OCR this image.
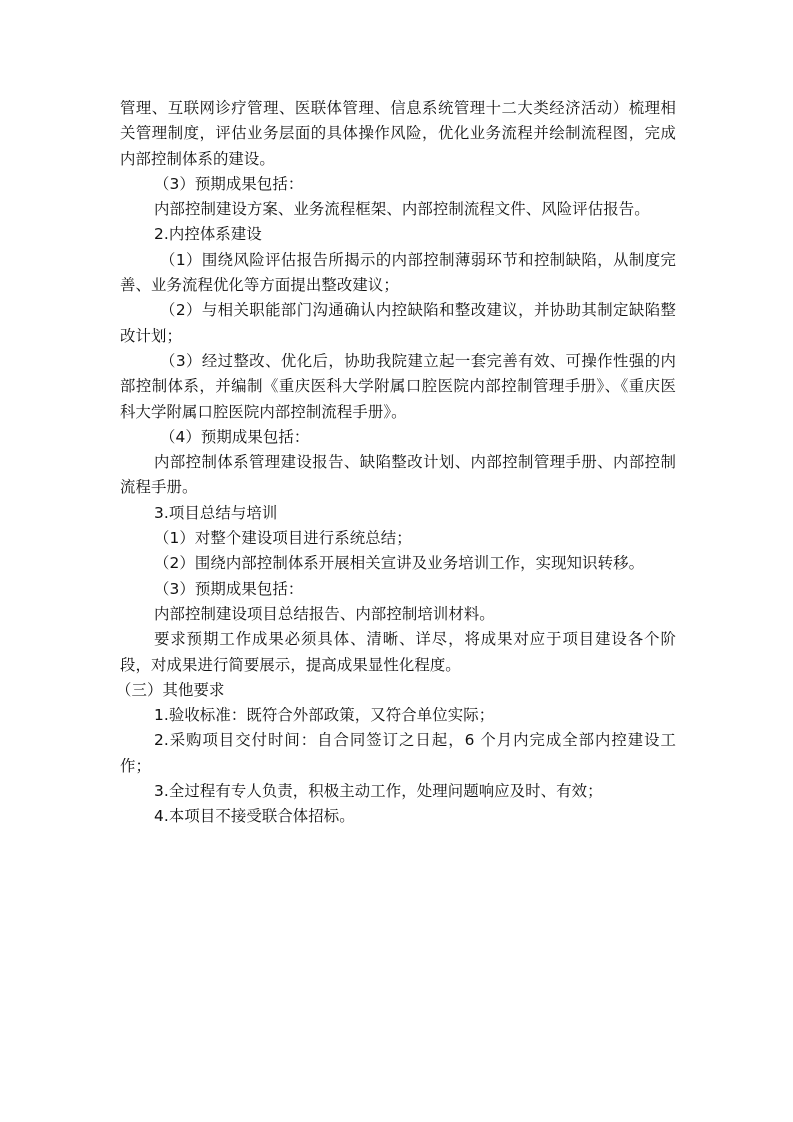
管理、互联网诊疗管理、医联体管理、信息系统管理十二大类经济活动）梳理相关管理制度，评估业务层面的具体操作风险，优化业务流程并绘制流程图，完成内部控制体系的建设。

（3）预期成果包括：

内部控制建设方案、业务流程框架、内部控制流程文件、风险评估报告。

2.内控体系建设

（1）围绕风险评估报告所揭示的内部控制薄弱环节和控制缺陷，从制度完善、业务流程优化等方面提出整改建议；

（2）与相关职能部门沟通确认内控缺陷和整改建议，并协助其制定缺陷整改计划；

（3）经过整改、优化后，协助我院建立起一套完善有效、可操作性强的内部控制体系，并编制《重庆医科大学附属口腔医院内部控制管理手册》、《重庆医科大学附属口腔医院内部控制流程手册》。

（4）预期成果包括：

内部控制体系管理建设报告、缺陷整改计划、内部控制管理手册、内部控制流程手册。

3.项目总结与培训

（1）对整个建设项目进行系统总结；

（2）围绕内部控制体系开展相关宣讲及业务培训工作，实现知识转移。

（3）预期成果包括：

内部控制建设项目总结报告、内部控制培训材料。

要求预期工作成果必须具体、清晰、详尽，将成果对应于项目建设各个阶段，对成果进行简要展示，提高成果显性化程度。

（三）其他要求

1.验收标准：既符合外部政策，又符合单位实际；

2.采购项目交付时间：自合同签订之日起，6 个月内完成全部内控建设工作；

3.全过程有专人负责，积极主动工作，处理问题响应及时、有效；

4.本项目不接受联合体招标。
